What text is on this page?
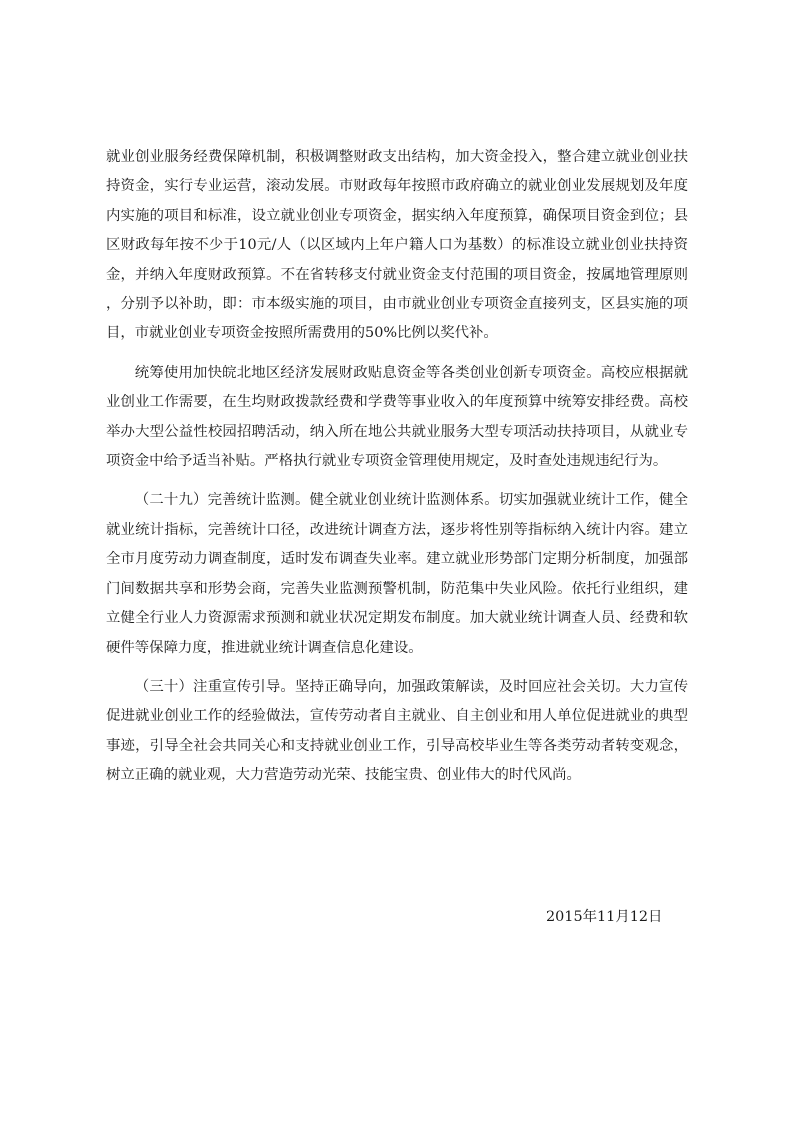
就业创业服务经费保障机制，积极调整财政支出结构，加大资金投入，整合建立就业创业扶持资金，实行专业运营，滚动发展。市财政每年按照市政府确立的就业创业发展规划及年度内实施的项目和标准，设立就业创业专项资金，据实纳入年度预算，确保项目资金到位；县区财政每年按不少于10元/人（以区域内上年户籍人口为基数）的标准设立就业创业扶持资金，并纳入年度财政预算。不在省转移支付就业资金支付范围的项目资金，按属地管理原则，分别予以补助，即：市本级实施的项目，由市就业创业专项资金直接列支，区县实施的项目，市就业创业专项资金按照所需费用的50%比例以奖代补。

统筹使用加快皖北地区经济发展财政贴息资金等各类创业创新专项资金。高校应根据就业创业工作需要，在生均财政拨款经费和学费等事业收入的年度预算中统筹安排经费。高校举办大型公益性校园招聘活动，纳入所在地公共就业服务大型专项活动扶持项目，从就业专项资金中给予适当补贴。严格执行就业专项资金管理使用规定，及时查处违规违纪行为。

（二十九）完善统计监测。健全就业创业统计监测体系。切实加强就业统计工作，健全就业统计指标，完善统计口径，改进统计调查方法，逐步将性别等指标纳入统计内容。建立全市月度劳动力调查制度，适时发布调查失业率。建立就业形势部门定期分析制度，加强部门间数据共享和形势会商，完善失业监测预警机制，防范集中失业风险。依托行业组织，建立健全行业人力资源需求预测和就业状况定期发布制度。加大就业统计调查人员、经费和软硬件等保障力度，推进就业统计调查信息化建设。

（三十）注重宣传引导。坚持正确导向，加强政策解读，及时回应社会关切。大力宣传促进就业创业工作的经验做法，宣传劳动者自主就业、自主创业和用人单位促进就业的典型事迹，引导全社会共同关心和支持就业创业工作，引导高校毕业生等各类劳动者转变观念，树立正确的就业观，大力营造劳动光荣、技能宝贵、创业伟大的时代风尚。

2015年11月12日
